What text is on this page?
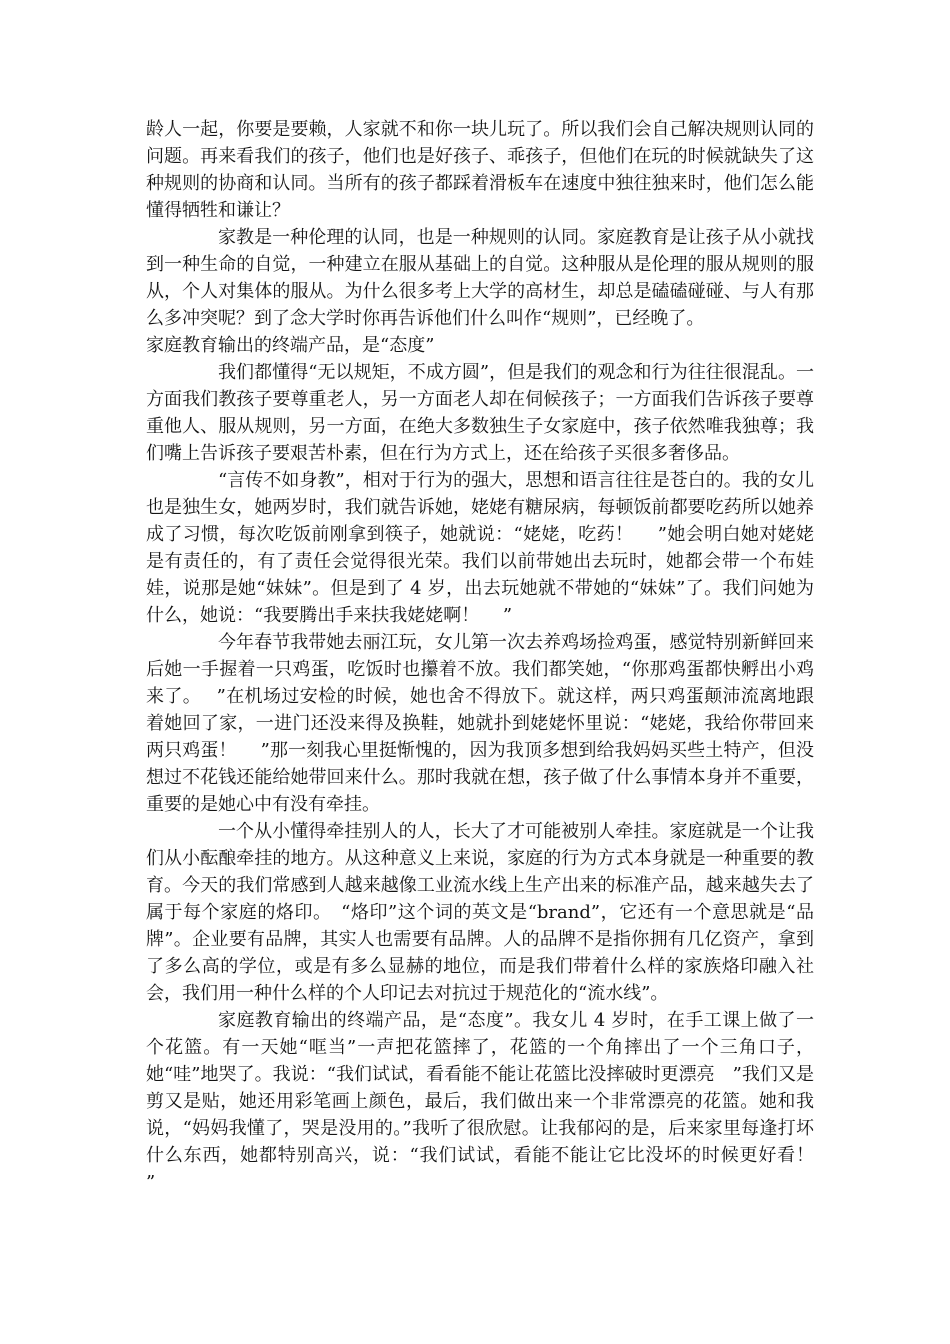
龄人一起，你要是要赖，人家就不和你一块儿玩了。所以我们会自己解决规则认同的问题。再来看我们的孩子，他们也是好孩子、乖孩子，但他们在玩的时候就缺失了这种规则的协商和认同。当所有的孩子都踩着滑板车在速度中独往独来时，他们怎么能懂得牺牲和谦让？

家教是一种伦理的认同，也是一种规则的认同。家庭教育是让孩子从小就找到一种生命的自觉，一种建立在服从基础上的自觉。这种服从是伦理的服从规则的服从，个人对集体的服从。为什么很多考上大学的高材生，却总是磕磕碰碰、与人有那么多冲突呢？到了念大学时你再告诉他们什么叫作“规则”，已经晚了。

家庭教育输出的终端产品，是“态度”

我们都懂得“无以规矩，不成方圆”，但是我们的观念和行为往往很混乱。一方面我们教孩子要尊重老人，另一方面老人却在伺候孩子；一方面我们告诉孩子要尊重他人、服从规则，另一方面，在绝大多数独生子女家庭中，孩子依然唯我独尊；我们嘴上告诉孩子要艰苦朴素，但在行为方式上，还在给孩子买很多奢侈品。

“言传不如身教”，相对于行为的强大，思想和语言往往是苍白的。我的女儿也是独生女，她两岁时，我们就告诉她，姥姥有糖尿病，每顿饭前都要吃药所以她养成了习惯，每次吃饭前刚拿到筷子，她就说：“姥姥，吃药！　 ”她会明白她对姥姥是有责任的，有了责任会觉得很光荣。我们以前带她出去玩时，她都会带一个布娃娃，说那是她“妹妹”。但是到了 4 岁，出去玩她就不带她的“妹妹”了。我们问她为什么，她说：“我要腾出手来扶我姥姥啊！　 ”

今年春节我带她去丽江玩，女儿第一次去养鸡场捡鸡蛋，感觉特别新鲜回来后她一手握着一只鸡蛋，吃饭时也攥着不放。我们都笑她，“你那鸡蛋都快孵出小鸡来了。　 ”在机场过安检的时候，她也舍不得放下。就这样，两只鸡蛋颠沛流离地跟着她回了家，一进门还没来得及换鞋，她就扑到姥姥怀里说：“姥姥，我给你带回来两只鸡蛋！　 ”那一刻我心里挺惭愧的，因为我顶多想到给我妈妈买些土特产，但没想过不花钱还能给她带回来什么。那时我就在想，孩子做了什么事情本身并不重要，重要的是她心中有没有牵挂。

一个从小懂得牵挂别人的人，长大了才可能被别人牵挂。家庭就是一个让我们从小酝酿牵挂的地方。从这种意义上来说，家庭的行为方式本身就是一种重要的教育。今天的我们常感到人越来越像工业流水线上生产出来的标准产品，越来越失去了属于每个家庭的烙印。　“烙印”这个词的英文是“brand”，它还有一个意思就是“品牌”。企业要有品牌，其实人也需要有品牌。人的品牌不是指你拥有几亿资产，拿到了多么高的学位，或是有多么显赫的地位，而是我们带着什么样的家族烙印融入社会，我们用一种什么样的个人印记去对抗过于规范化的“流水线”。

家庭教育输出的终端产品，是“态度”。我女儿 4 岁时，在手工课上做了一个花篮。有一天她“哐当”一声把花篮摔了，花篮的一个角摔出了一个三角口子，她“哇”地哭了。我说：“我们试试，看看能不能让花篮比没摔破时更漂亮　”我们又是剪又是贴，她还用彩笔画上颜色，最后，我们做出来一个非常漂亮的花篮。她和我说，“妈妈我懂了，哭是没用的。”我听了很欣慰。让我郁闷的是，后来家里每逢打坏什么东西，她都特别高兴，说：“我们试试，看能不能让它比没坏的时候更好看！　 ”
